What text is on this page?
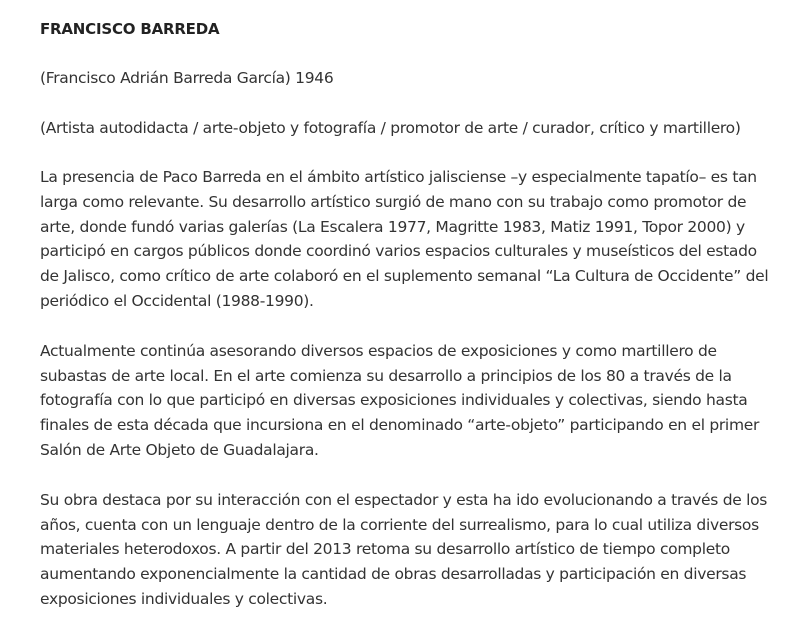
FRANCISCO BARREDA

(Francisco Adrián Barreda García) 1946

(Artista autodidacta / arte-objeto y fotografía / promotor de arte / curador, crítico y martillero)

La presencia de Paco Barreda en el ámbito artístico jalisciense –y especialmente tapatío– es tan larga como relevante. Su desarrollo artístico surgió de mano con su trabajo como promotor de arte, donde fundó varias galerías (La Escalera 1977, Magritte 1983, Matiz 1991, Topor 2000) y participó en cargos públicos donde coordinó varios espacios culturales y museísticos del estado de Jalisco, como crítico de arte colaboró en el suplemento semanal “La Cultura de Occidente” del periódico el Occidental (1988-1990).

Actualmente continúa asesorando diversos espacios de exposiciones y como martillero de subastas de arte local. En el arte comienza su desarrollo a principios de los 80 a través de la fotografía con lo que participó en diversas exposiciones individuales y colectivas, siendo hasta finales de esta década que incursiona en el denominado “arte-objeto” participando en el primer Salón de Arte Objeto de Guadalajara.

Su obra destaca por su interacción con el espectador y esta ha ido evolucionando a través de los años, cuenta con un lenguaje dentro de la corriente del surrealismo, para lo cual utiliza diversos materiales heterodoxos. A partir del 2013 retoma su desarrollo artístico de tiempo completo aumentando exponencialmente la cantidad de obras desarrolladas y participación en diversas exposiciones individuales y colectivas.
